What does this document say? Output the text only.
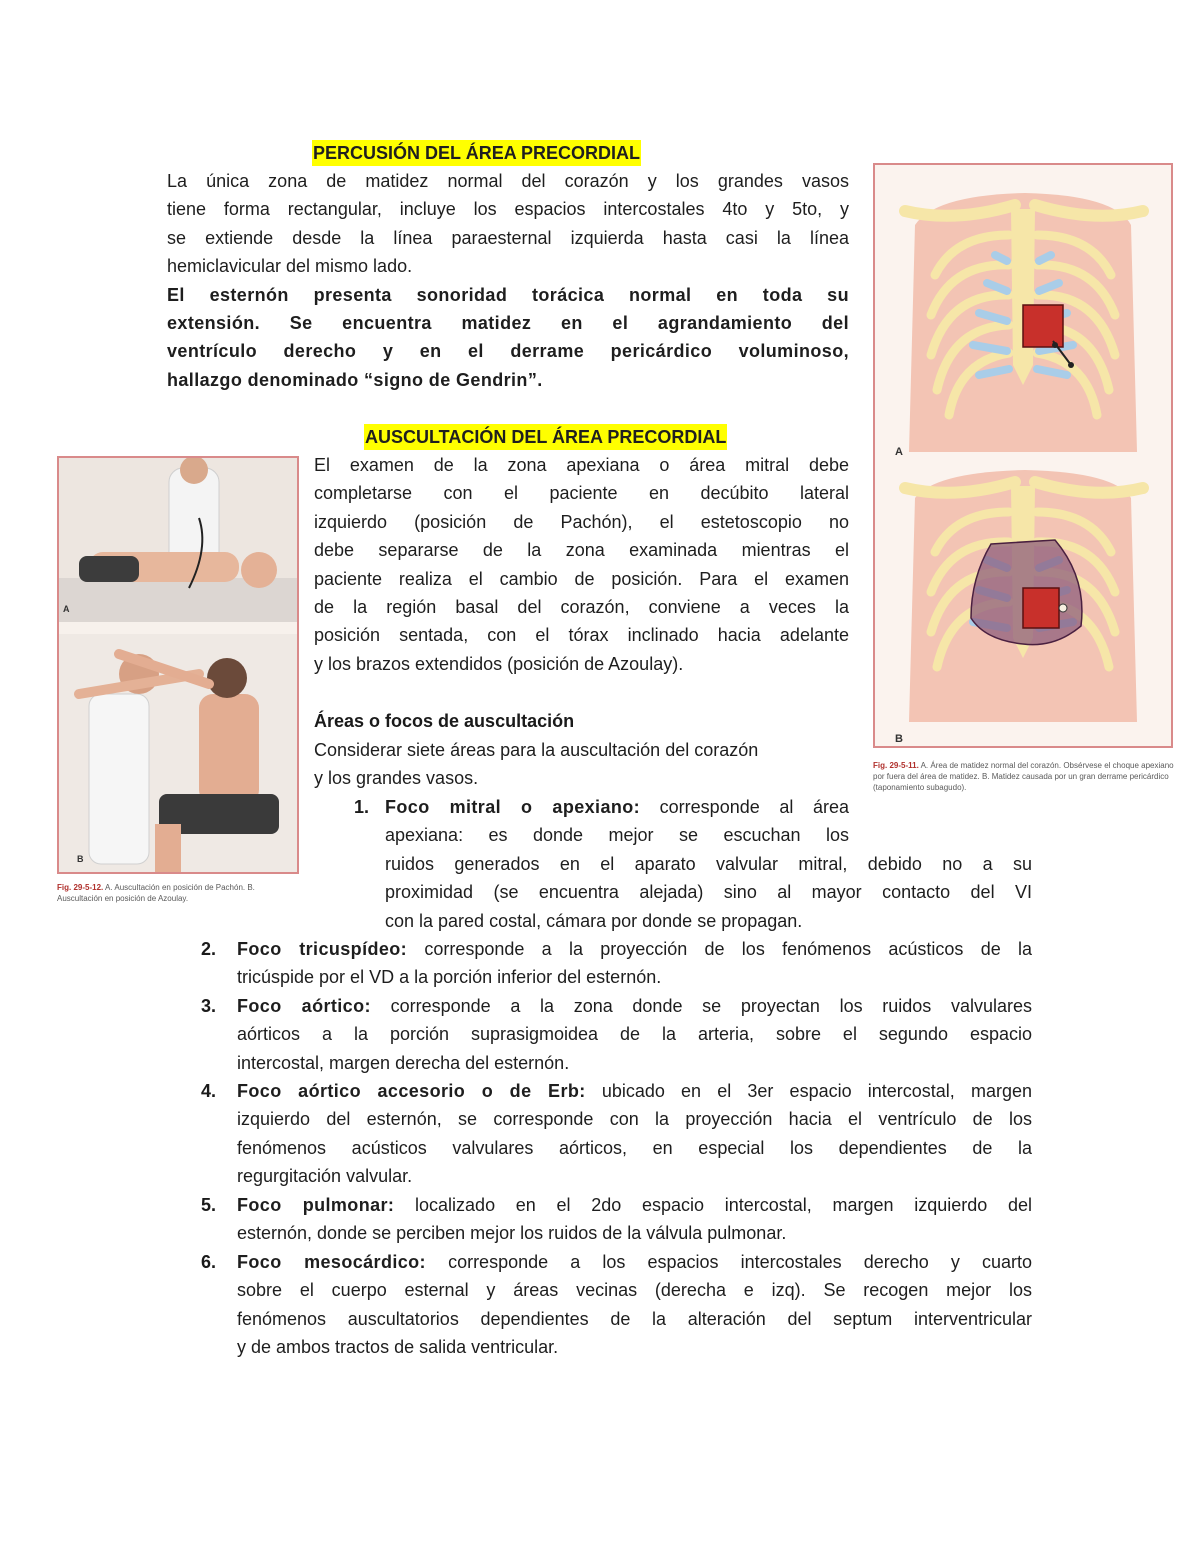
PERCUSIÓN DEL ÁREA PRECORDIAL
La única zona de matidez normal del corazón y los grandes vasos
tiene forma rectangular, incluye los espacios intercostales 4to y 5to, y
se extiende desde la línea paraesternal izquierda hasta casi la línea
hemiclavicular del mismo lado.
El esternón presenta sonoridad torácica normal en toda su
extensión. Se encuentra matidez en el agrandamiento del
ventrículo derecho y en el derrame pericárdico voluminoso,
hallazgo denominado “signo de Gendrin”.
AUSCULTACIÓN DEL ÁREA PRECORDIAL
El examen de la zona apexiana o área mitral debe
completarse con el paciente en decúbito lateral
izquierdo (posición de Pachón), el estetoscopio no
debe separarse de la zona examinada mientras el
paciente realiza el cambio de posición. Para el examen
de la región basal del corazón, conviene a veces la
posición sentada, con el tórax inclinado hacia adelante
y los brazos extendidos (posición de Azoulay).
Áreas o focos de auscultación
Considerar siete áreas para la auscultación del corazón
y los grandes vasos.
1. Foco mitral o apexiano: corresponde al área
apexiana: es donde mejor se escuchan los
ruidos generados en el aparato valvular mitral, debido no a su
proximidad (se encuentra alejada) sino al mayor contacto del VI
con la pared costal, cámara por donde se propagan.
2. Foco tricuspídeo: corresponde a la proyección de los fenómenos acústicos de la
tricúspide por el VD a la porción inferior del esternón.
3. Foco aórtico: corresponde a la zona donde se proyectan los ruidos valvulares
aórticos a la porción suprasigmoidea de la arteria, sobre el segundo espacio
intercostal, margen derecha del esternón.
4. Foco aórtico accesorio o de Erb: ubicado en el 3er espacio intercostal, margen
izquierdo del esternón, se corresponde con la proyección hacia el ventrículo de los
fenómenos acústicos valvulares aórticos, en especial los dependientes de la
regurgitación valvular.
5. Foco pulmonar: localizado en el 2do espacio intercostal, margen izquierdo del
esternón, donde se perciben mejor los ruidos de la válvula pulmonar.
6. Foco mesocárdico: corresponde a los espacios intercostales derecho y cuarto
sobre el cuerpo esternal y áreas vecinas (derecha e izq). Se recogen mejor los
fenómenos auscultatorios dependientes de la alteración del septum interventricular
y de ambos tractos de salida ventricular.
A
B
Fig. 29-5-11. A. Área de matidez normal del corazón. Obsérvese el choque apexiano por fuera del área de matidez. B. Matidez causada por un gran derrame pericárdico (taponamiento subagudo).
A
B
Fig. 29-5-12. A. Auscultación en posición de Pachón. B. Auscultación en posición de Azoulay.
